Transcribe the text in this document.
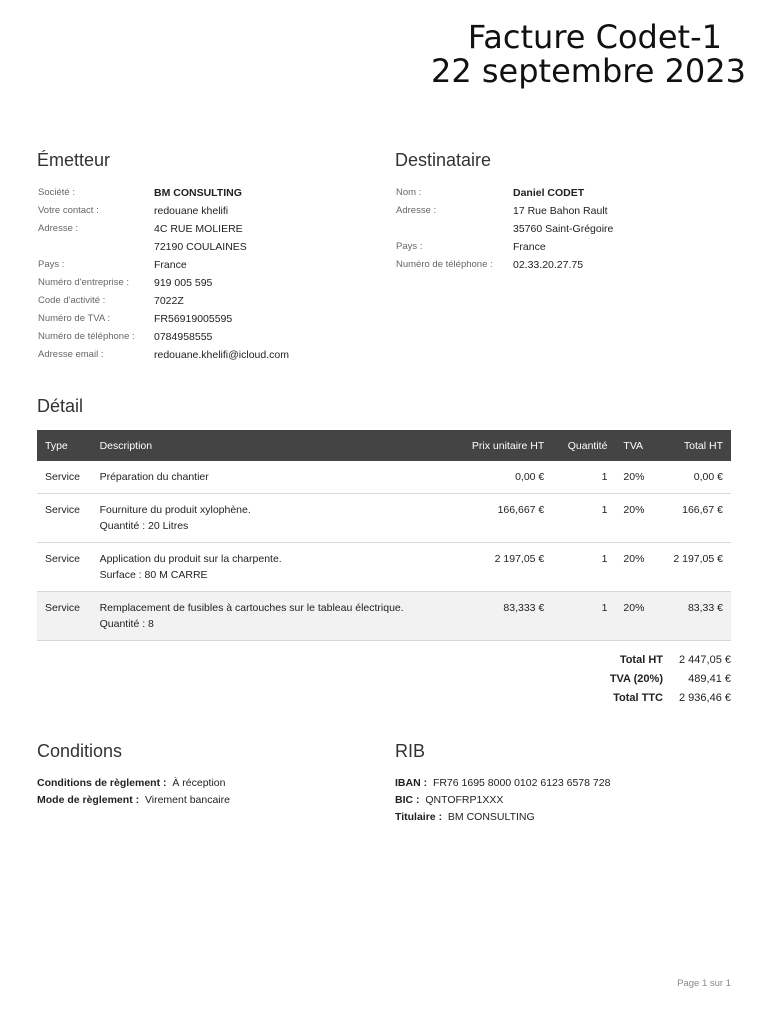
Facture Codet-1
22 septembre 2023
Émetteur
Société :	BM CONSULTING
Votre contact :	redouane khelifi
Adresse :	4C RUE MOLIERE
72190 COULAINES
Pays :	France
Numéro d'entreprise :	919 005 595
Code d'activité :	7022Z
Numéro de TVA :	FR56919005595
Numéro de téléphone :	0784958555
Adresse email :	redouane.khelifi@icloud.com
Destinataire
Nom :	Daniel CODET
Adresse :	17 Rue Bahon Rault
35760 Saint-Grégoire
Pays :	France
Numéro de téléphone :	02.33.20.27.75
Détail
Type	Description	Prix unitaire HT	Quantité	TVA	Total HT
Service	Préparation du chantier	0,00 €	1	20%	0,00 €
Service	Fourniture du produit xylophène.
Quantité : 20 Litres	166,667 €	1	20%	166,67 €
Service	Application du produit sur la charpente.
Surface : 80 M CARRE	2 197,05 €	1	20%	2 197,05 €
Service	Remplacement de fusibles à cartouches sur le tableau électrique.
Quantité : 8	83,333 €	1	20%	83,33 €
Total HT	2 447,05 €
TVA (20%)	489,41 €
Total TTC	2 936,46 €
Conditions
Conditions de règlement : À réception
Mode de règlement : Virement bancaire
RIB
IBAN : FR76 1695 8000 0102 6123 6578 728
BIC : QNTOFRP1XXX
Titulaire : BM CONSULTING
Page 1 sur 1
